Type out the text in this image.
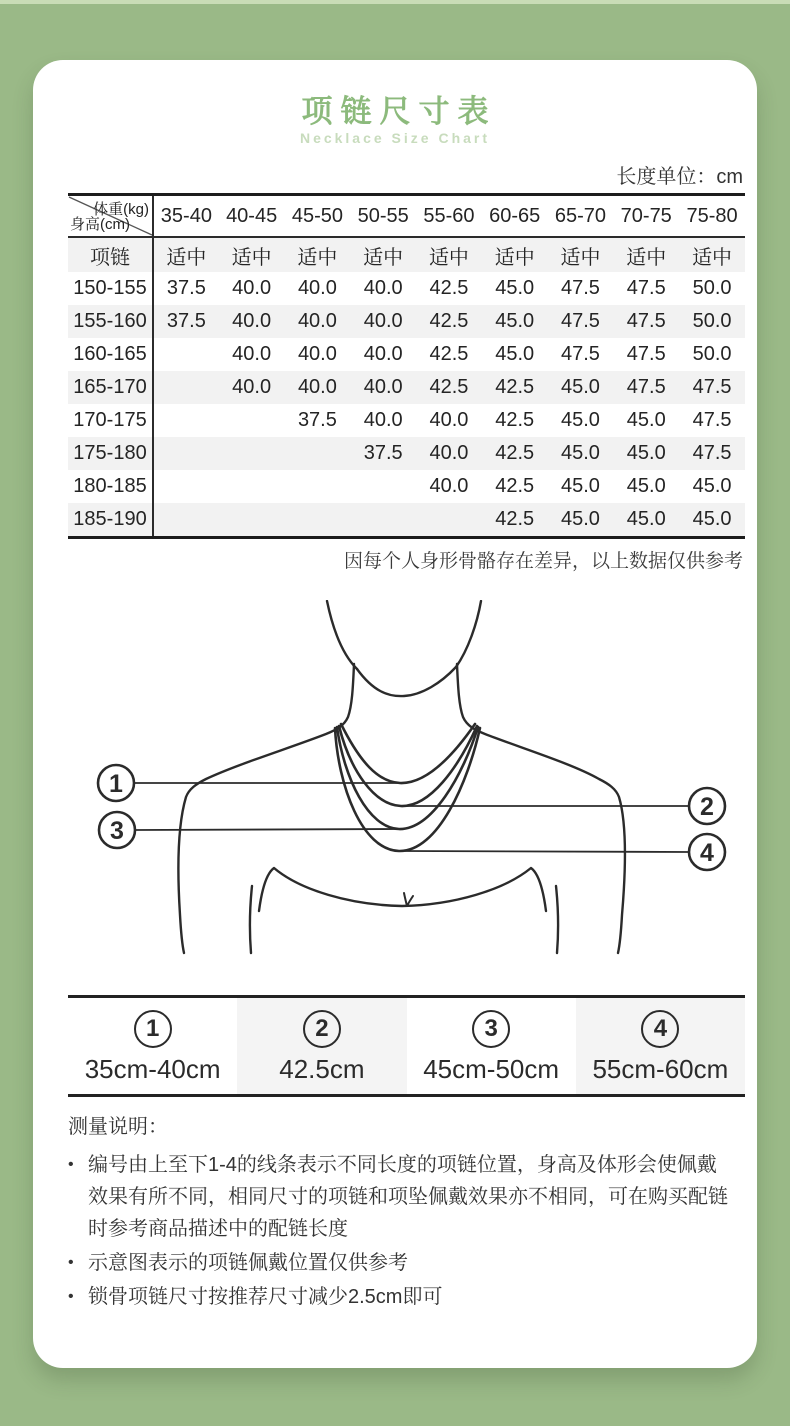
项链尺寸表
Necklace Size Chart
长度单位：cm
体重(kg)
身高(cm)	35-40	40-45	45-50	50-55	55-60	60-65	65-70	70-75	75-80
项链	适中	适中	适中	适中	适中	适中	适中	适中	适中
150-155	37.5	40.0	40.0	40.0	42.5	45.0	47.5	47.5	50.0
155-160	37.5	40.0	40.0	40.0	42.5	45.0	47.5	47.5	50.0
160-165		40.0	40.0	40.0	42.5	45.0	47.5	47.5	50.0
165-170		40.0	40.0	40.0	42.5	42.5	45.0	47.5	47.5
170-175			37.5	40.0	40.0	42.5	45.0	45.0	47.5
175-180				37.5	40.0	42.5	45.0	45.0	47.5
180-185					40.0	42.5	45.0	45.0	45.0
185-190						42.5	45.0	45.0	45.0
因每个人身形骨骼存在差异，以上数据仅供参考
1
2
3
4
1
35cm-40cm
2
42.5cm
3
45cm-50cm
4
55cm-60cm
测量说明：
• 编号由上至下1-4的线条表示不同长度的项链位置，身高及体形会使佩戴效果有所不同，相同尺寸的项链和项坠佩戴效果亦不相同，可在购买配链时参考商品描述中的配链长度
• 示意图表示的项链佩戴位置仅供参考
• 锁骨项链尺寸按推荐尺寸减少2.5cm即可
